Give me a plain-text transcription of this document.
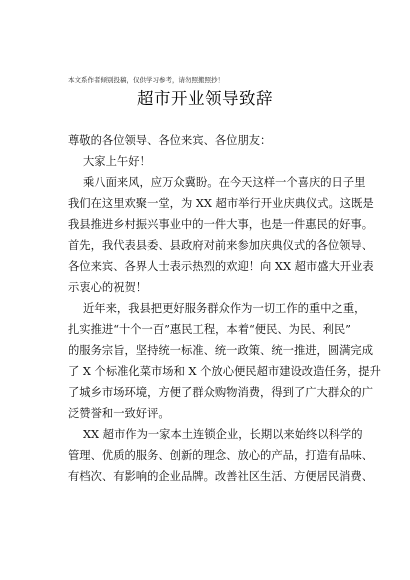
本文系作者倾别投稿，仅供学习参考，请勿照搬照抄！
超市开业领导致辞
尊敬的各位领导、各位来宾、各位朋友：
大家上午好！
乘八面来风，应万众冀盼。在今天这样一个喜庆的日子里
我们在这里欢聚一堂，为 XX 超市举行开业庆典仪式。这既是
我县推进乡村振兴事业中的一件大事，也是一件惠民的好事。
首先，我代表县委、县政府对前来参加庆典仪式的各位领导、
各位来宾、各界人士表示热烈的欢迎！向 XX 超市盛大开业表
示衷心的祝贺！
近年来，我县把更好服务群众作为一切工作的重中之重，
扎实推进“十个一百”惠民工程，本着“便民、为民、利民”
的服务宗旨，坚持统一标准、统一政策、统一推进，圆满完成
了 X 个标准化菜市场和 X 个放心便民超市建设改造任务，提升
了城乡市场环境，方便了群众购物消费，得到了广大群众的广
泛赞誉和一致好评。
XX 超市作为一家本土连锁企业，长期以来始终以科学的
管理、优质的服务、创新的理念、放心的产品，打造有品味、
有档次、有影响的企业品牌。改善社区生活、方便居民消费、
